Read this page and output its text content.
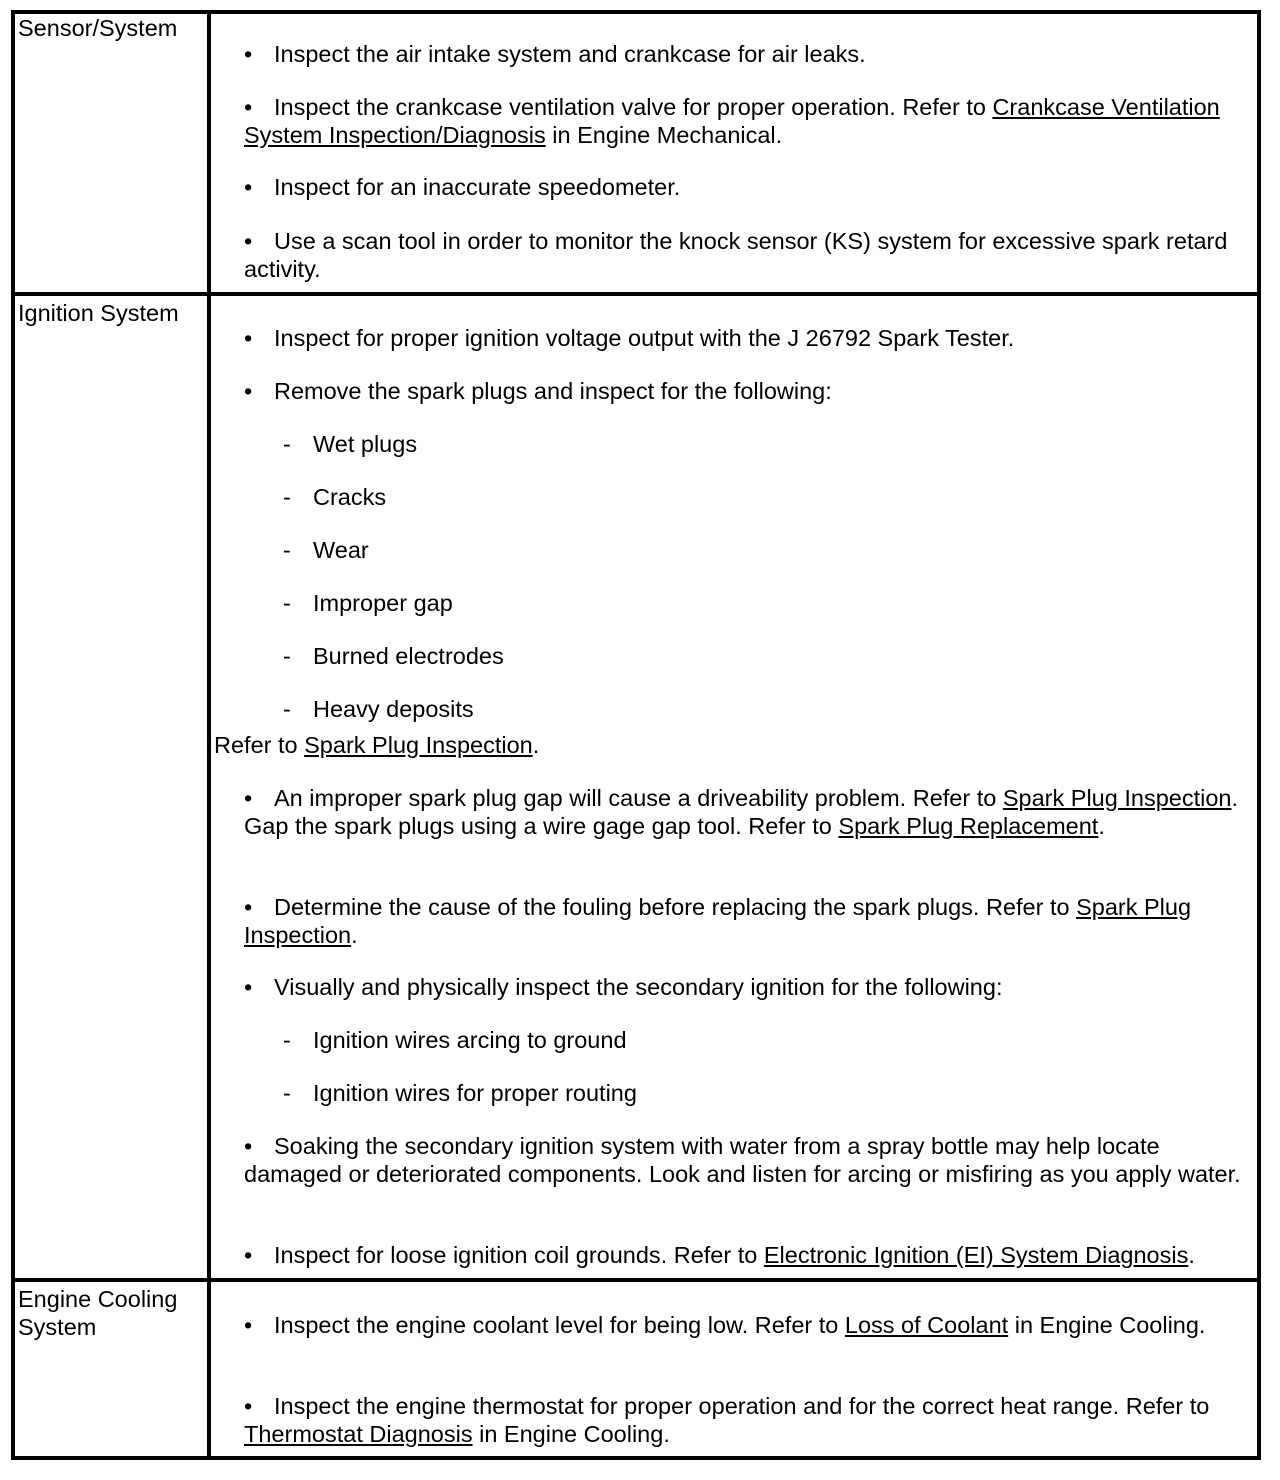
Sensor/System
• Inspect the air intake system and crankcase for air leaks.
• Inspect the crankcase ventilation valve for proper operation. Refer to Crankcase Ventilation System Inspection/Diagnosis in Engine Mechanical.
• Inspect for an inaccurate speedometer.
• Use a scan tool in order to monitor the knock sensor (KS) system for excessive spark retard activity.
Ignition System
• Inspect for proper ignition voltage output with the J 26792 Spark Tester.
• Remove the spark plugs and inspect for the following:
- Wet plugs
- Cracks
- Wear
- Improper gap
- Burned electrodes
- Heavy deposits
Refer to Spark Plug Inspection.
• An improper spark plug gap will cause a driveability problem. Refer to Spark Plug Inspection. Gap the spark plugs using a wire gage gap tool. Refer to Spark Plug Replacement.
• Determine the cause of the fouling before replacing the spark plugs. Refer to Spark Plug Inspection.
• Visually and physically inspect the secondary ignition for the following:
- Ignition wires arcing to ground
- Ignition wires for proper routing
• Soaking the secondary ignition system with water from a spray bottle may help locate damaged or deteriorated components. Look and listen for arcing or misfiring as you apply water.
• Inspect for loose ignition coil grounds. Refer to Electronic Ignition (EI) System Diagnosis.
Engine Cooling System	• Inspect the engine coolant level for being low. Refer to Loss of Coolant in Engine Cooling.
• Inspect the engine thermostat for proper operation and for the correct heat range. Refer to Thermostat Diagnosis in Engine Cooling.
